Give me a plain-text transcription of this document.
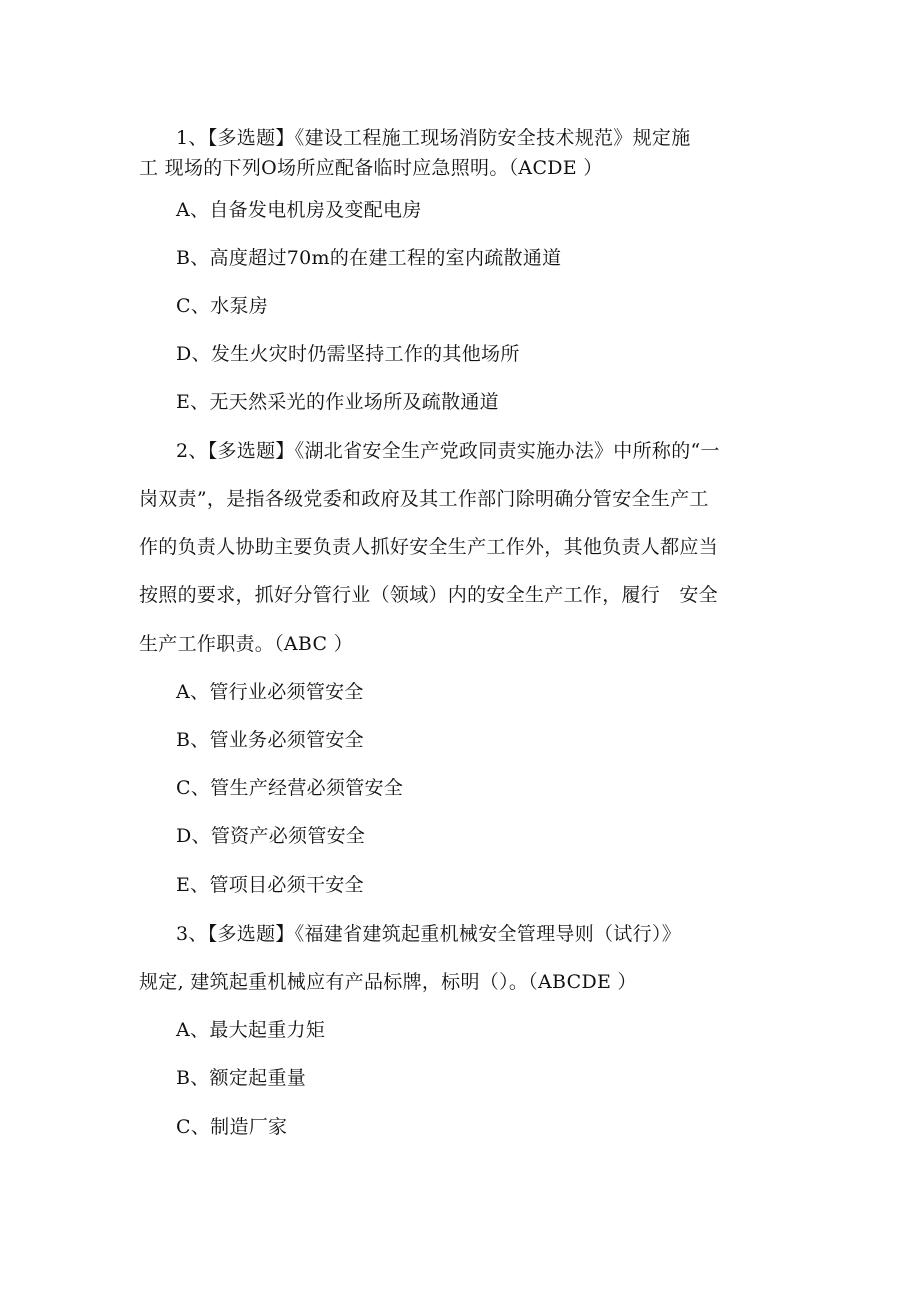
1、【多选题】《建设工程施工现场消防安全技术规范》规定施
工 现场的下列O场所应配备临时应急照明。（ACDE ）
A、自备发电机房及变配电房
B、高度超过70m的在建工程的室内疏散通道
C、水泵房
D、发生火灾时仍需坚持工作的其他场所
E、无天然采光的作业场所及疏散通道
2、【多选题】《湖北省安全生产党政同责实施办法》中所称的“一
岗双责”，是指各级党委和政府及其工作部门除明确分管安全生产工
作的负责人协助主要负责人抓好安全生产工作外，其他负责人都应当
按照的要求，抓好分管行业（领域）内的安全生产工作，履行　安全
生产工作职责。（ABC ）
A、管行业必须管安全
B、管业务必须管安全
C、管生产经营必须管安全
D、管资产必须管安全
E、管项目必须干安全
3、【多选题】《福建省建筑起重机械安全管理导则（试行）》
规定, 建筑起重机械应有产品标牌，标明（）。（ABCDE ）
A、最大起重力矩
B、额定起重量
C、制造厂家
